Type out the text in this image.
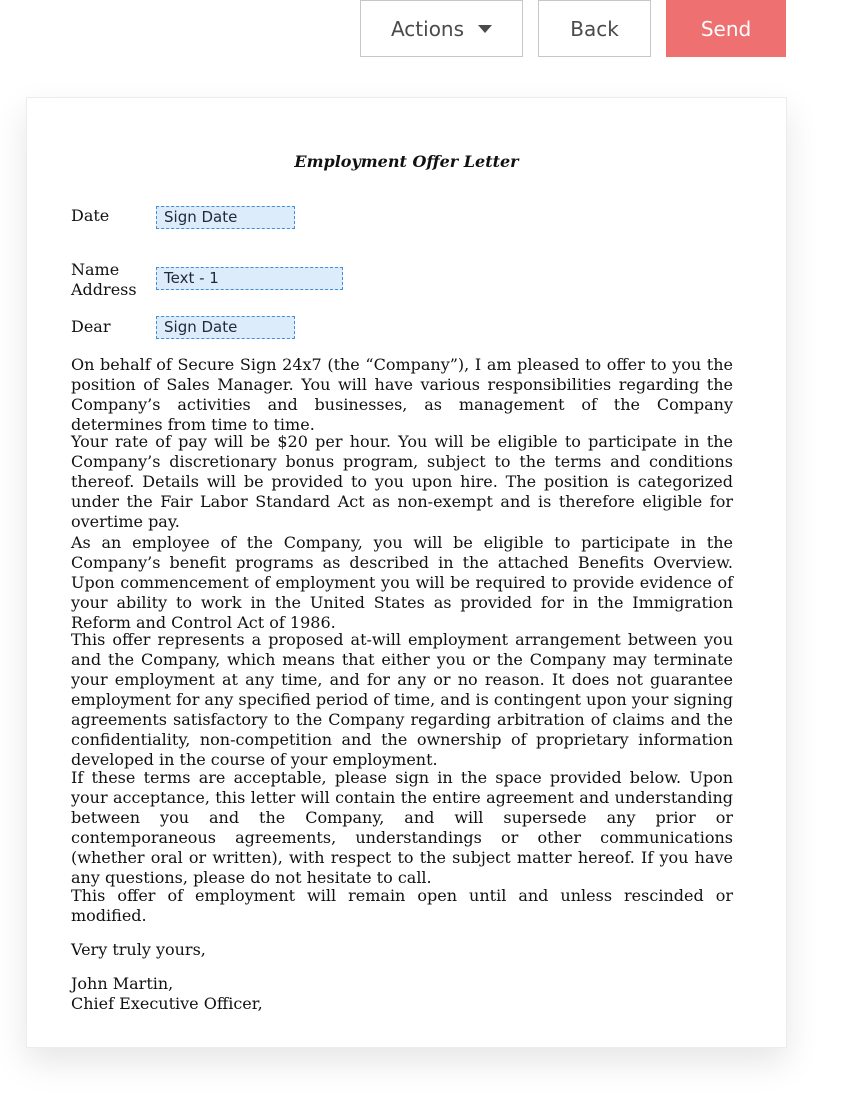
Actions	Back	Send
Employment Offer Letter
Date	Sign Date
Name
Address
Text - 1
Dear	Sign Date

On behalf of Secure Sign 24x7 (the “Company”), I am pleased to offer to you the position of Sales Manager. You will have various responsibilities regarding the Company’s activities and businesses, as management of the Company determines from time to time.

Your rate of pay will be $20 per hour. You will be eligible to participate in the Company’s discretionary bonus program, subject to the terms and conditions thereof. Details will be provided to you upon hire. The position is categorized under the Fair Labor Standard Act as non-exempt and is therefore eligible for overtime pay.

As an employee of the Company, you will be eligible to participate in the Company’s benefit programs as described in the attached Benefits Overview. Upon commencement of employment you will be required to provide evidence of your ability to work in the United States as provided for in the Immigration Reform and Control Act of 1986.

This offer represents a proposed at-will employment arrangement between you and the Company, which means that either you or the Company may terminate your employment at any time, and for any or no reason. It does not guarantee employment for any specified period of time, and is contingent upon your signing agreements satisfactory to the Company regarding arbitration of claims and the confidentiality, non-competition and the ownership of proprietary information developed in the course of your employment.

If these terms are acceptable, please sign in the space provided below. Upon your acceptance, this letter will contain the entire agreement and understanding between you and the Company, and will supersede any prior or contemporaneous agreements, understandings or other communications (whether oral or written), with respect to the subject matter hereof. If you have any questions, please do not hesitate to call.

This offer of employment will remain open until and unless rescinded or modified.

Very truly yours,
John Martin,
Chief Executive Officer,
